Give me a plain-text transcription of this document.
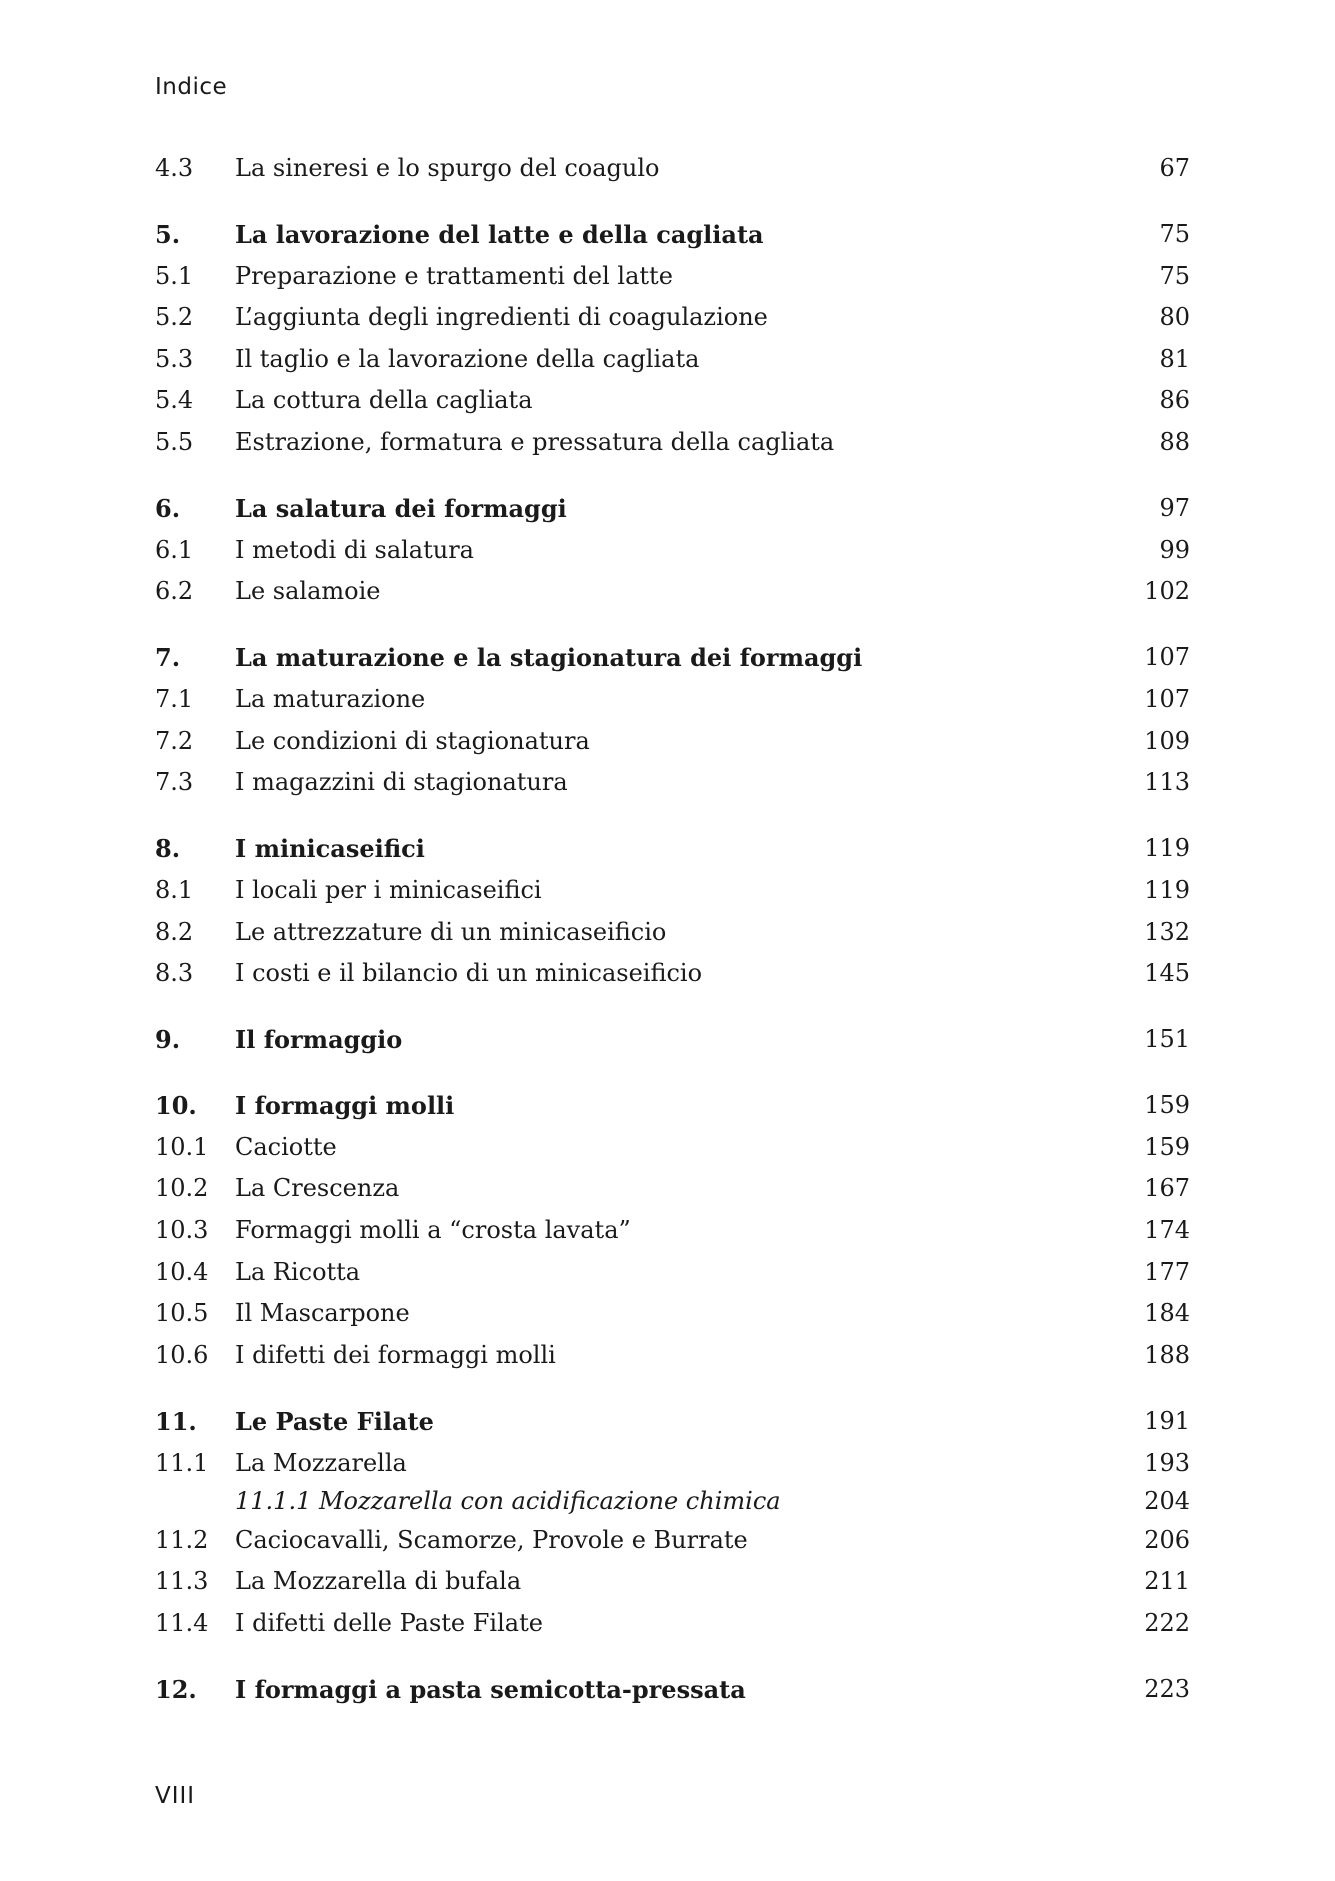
Indice
4.3	La sineresi e lo spurgo del coagulo	67
5.	La lavorazione del latte e della cagliata	75
5.1	Preparazione e trattamenti del latte	75
5.2	L’aggiunta degli ingredienti di coagulazione	80
5.3	Il taglio e la lavorazione della cagliata	81
5.4	La cottura della cagliata	86
5.5	Estrazione, formatura e pressatura della cagliata	88
6.	La salatura dei formaggi	97
6.1	I metodi di salatura	99
6.2	Le salamoie	102
7.	La maturazione e la stagionatura dei formaggi	107
7.1	La maturazione	107
7.2	Le condizioni di stagionatura	109
7.3	I magazzini di stagionatura	113
8.	I minicaseifici	119
8.1	I locali per i minicaseifici	119
8.2	Le attrezzature di un minicaseificio	132
8.3	I costi e il bilancio di un minicaseificio	145
9.	Il formaggio	151
10.	I formaggi molli	159
10.1	Caciotte	159
10.2	La Crescenza	167
10.3	Formaggi molli a “crosta lavata”	174
10.4	La Ricotta	177
10.5	Il Mascarpone	184
10.6	I difetti dei formaggi molli	188
11.	Le Paste Filate	191
11.1	La Mozzarella	193
11.1.1 Mozzarella con acidificazione chimica	204
11.2	Caciocavalli, Scamorze, Provole e Burrate	206
11.3	La Mozzarella di bufala	211
11.4	I difetti delle Paste Filate	222
12.	I formaggi a pasta semicotta-pressata	223
VIII
